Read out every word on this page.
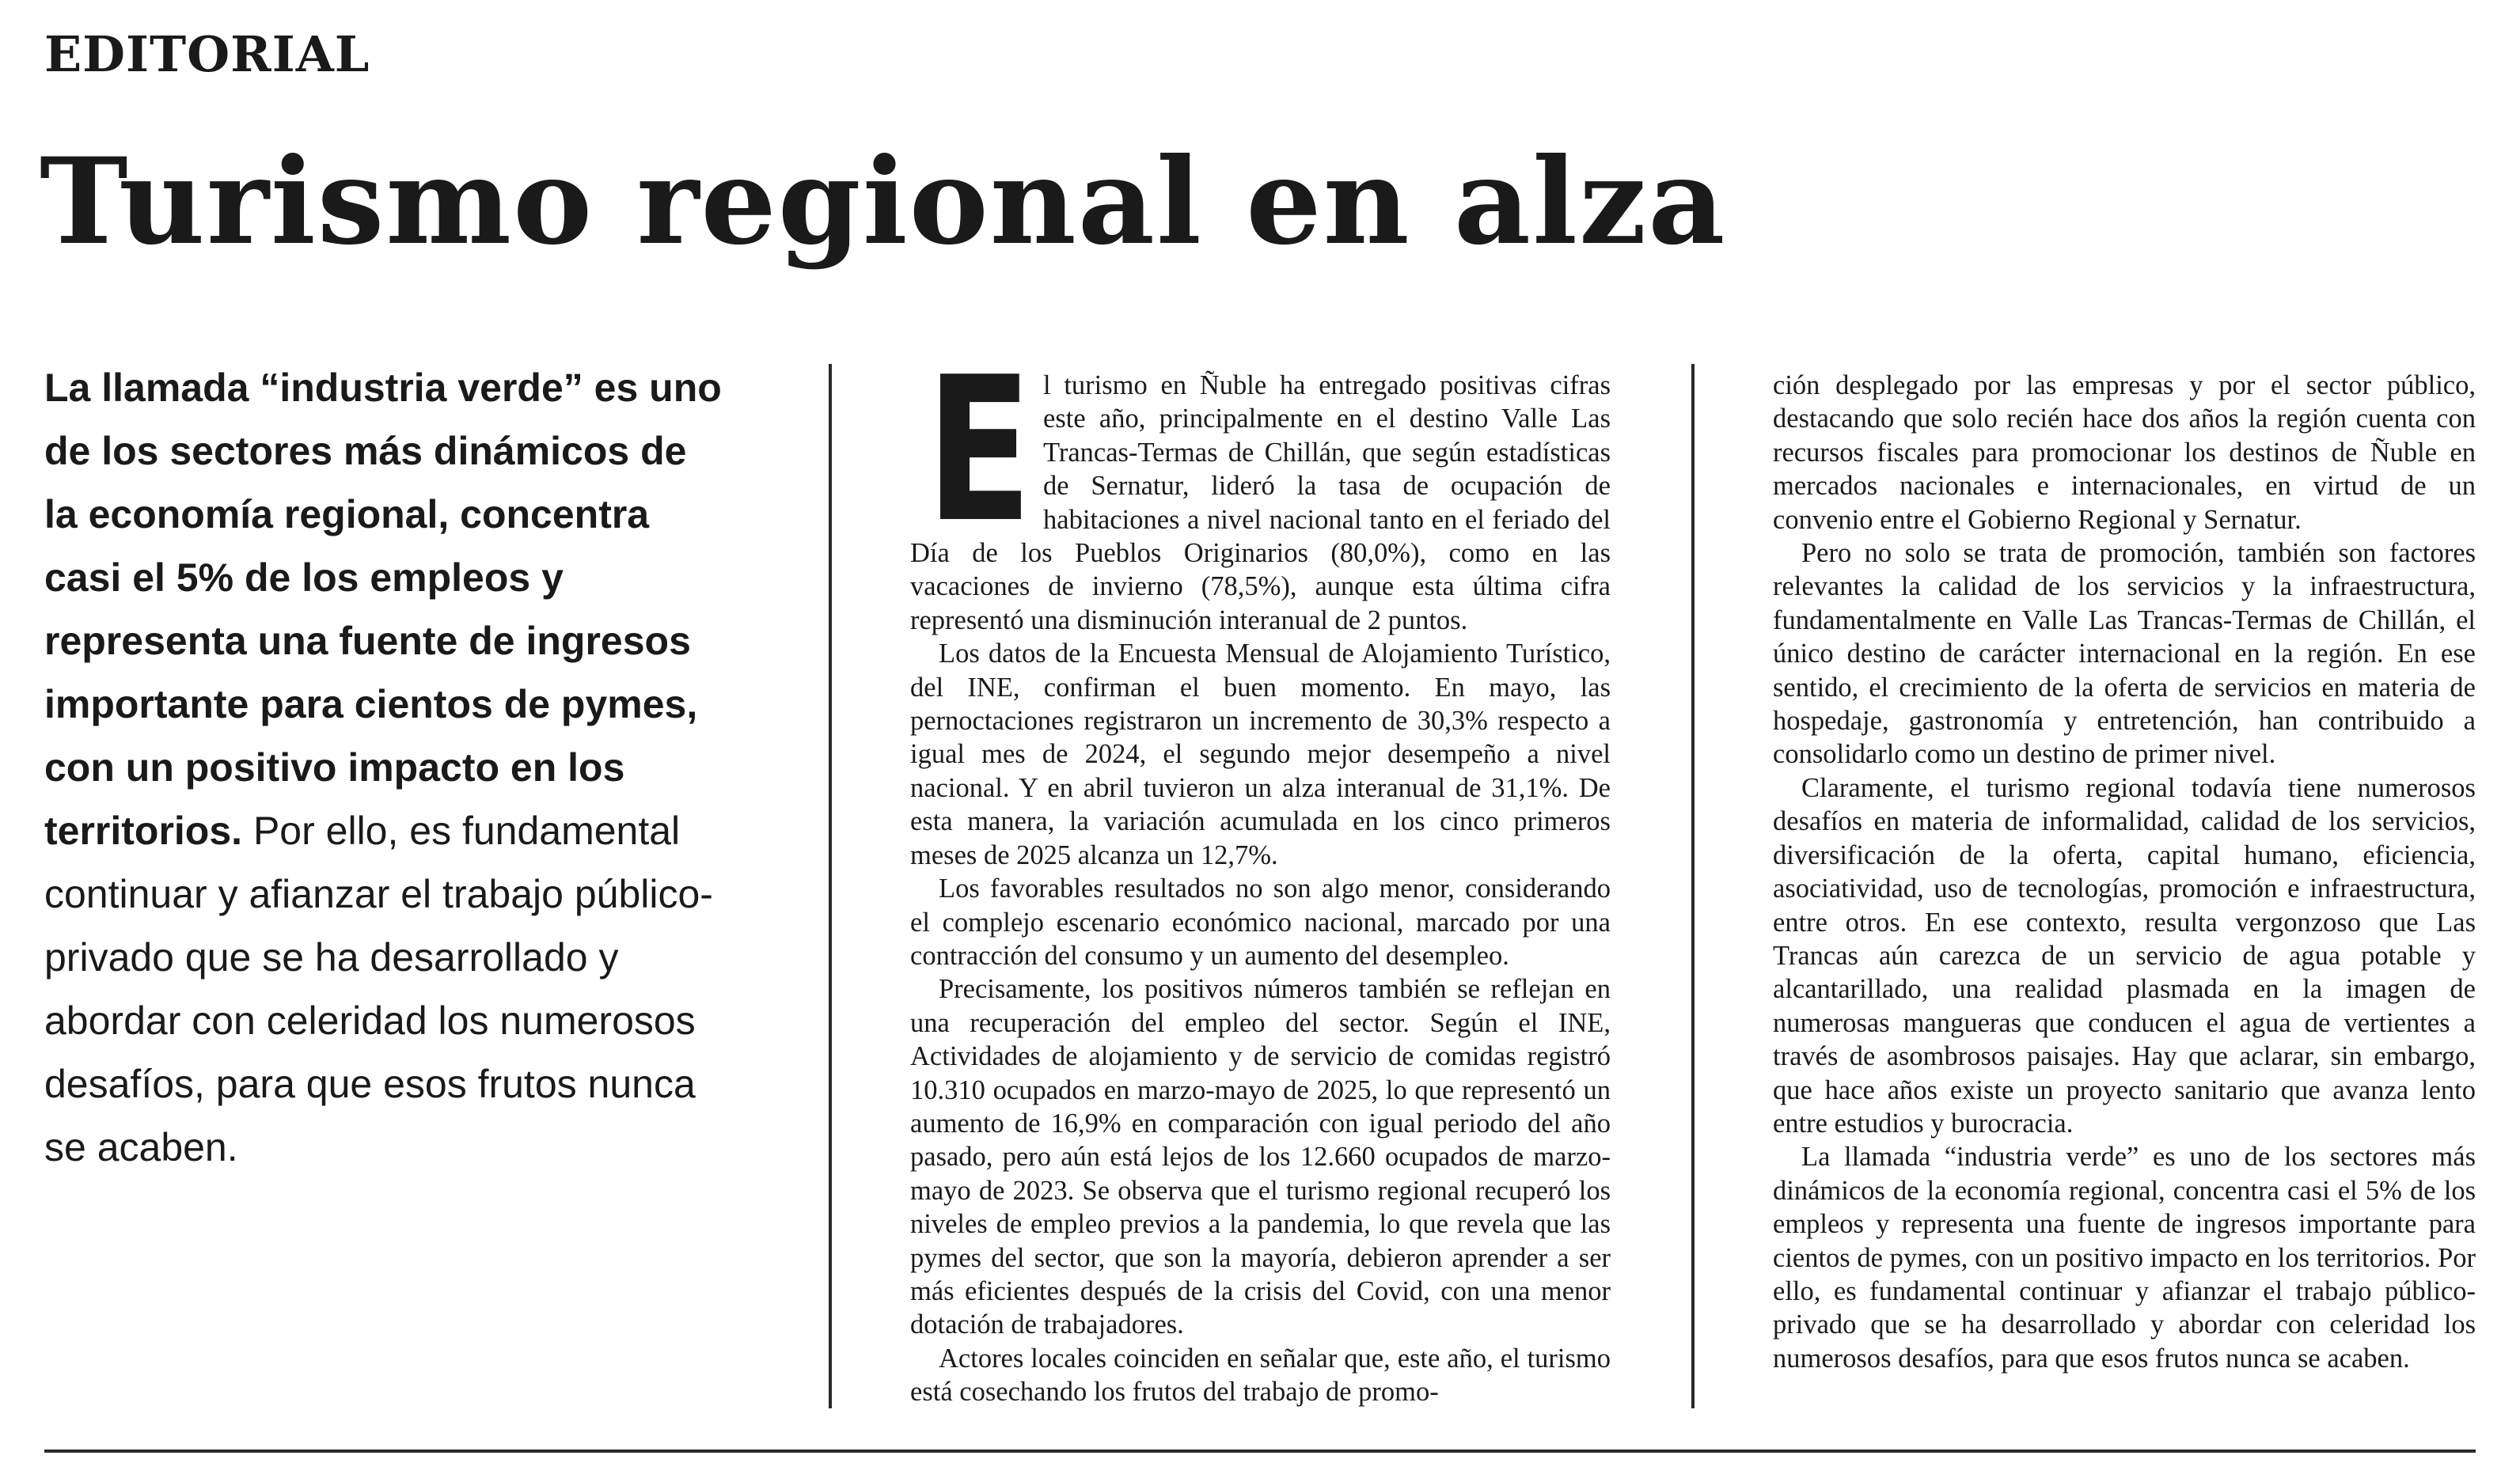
EDITORIAL
Turismo regional en alza

La llamada “industria verde” es uno de los sectores más dinámicos de la economía regional, concentra casi el 5% de los empleos y representa una fuente de ingresos importante para cientos de pymes, con un positivo impacto en los territorios. Por ello, es fundamental continuar y afianzar el trabajo público-privado que se ha desarrollado y abordar con celeridad los numerosos desafíos, para que esos frutos nunca se acaben.

E l turismo en Ñuble ha entregado positivas cifras este año, principalmente en el destino Valle Las Trancas-Termas de Chillán, que según estadísticas de Sernatur, lideró la tasa de ocupación de habitaciones a nivel nacional tanto en el feriado del Día de los Pueblos Originarios (80,0%), como en las vacaciones de invierno (78,5%), aunque esta última cifra representó una disminución interanual de 2 puntos.

Los datos de la Encuesta Mensual de Alojamiento Turístico, del INE, confirman el buen momento. En mayo, las pernoctaciones registraron un incremento de 30,3% respecto a igual mes de 2024, el segundo mejor desempeño a nivel nacional. Y en abril tuvieron un alza interanual de 31,1%. De esta manera, la variación acumulada en los cinco primeros meses de 2025 alcanza un 12,7%.

Los favorables resultados no son algo menor, considerando el complejo escenario económico nacional, marcado por una contracción del consumo y un aumento del desempleo.

Precisamente, los positivos números también se reflejan en una recuperación del empleo del sector. Según el INE, Actividades de alojamiento y de servicio de comidas registró 10.310 ocupados en marzo-mayo de 2025, lo que representó un aumento de 16,9% en comparación con igual periodo del año pasado, pero aún está lejos de los 12.660 ocupados de marzo-mayo de 2023. Se observa que el turismo regional recuperó los niveles de empleo previos a la pandemia, lo que revela que las pymes del sector, que son la mayoría, debieron aprender a ser más eficientes después de la crisis del Covid, con una menor dotación de trabajadores.

Actores locales coinciden en señalar que, este año, el turismo está cosechando los frutos del trabajo de promo-

ción desplegado por las empresas y por el sector público, destacando que solo recién hace dos años la región cuenta con recursos fiscales para promocionar los destinos de Ñuble en mercados nacionales e internacionales, en virtud de un convenio entre el Gobierno Regional y Sernatur.

Pero no solo se trata de promoción, también son factores relevantes la calidad de los servicios y la infraestructura, fundamentalmente en Valle Las Trancas-Termas de Chillán, el único destino de carácter internacional en la región. En ese sentido, el crecimiento de la oferta de servicios en materia de hospedaje, gastronomía y entretención, han contribuido a consolidarlo como un destino de primer nivel.

Claramente, el turismo regional todavía tiene numerosos desafíos en materia de informalidad, calidad de los servicios, diversificación de la oferta, capital humano, eficiencia, asociatividad, uso de tecnologías, promoción e infraestructura, entre otros. En ese contexto, resulta vergonzoso que Las Trancas aún carezca de un servicio de agua potable y alcantarillado, una realidad plasmada en la imagen de numerosas mangueras que conducen el agua de vertientes a través de asombrosos paisajes. Hay que aclarar, sin embargo, que hace años existe un proyecto sanitario que avanza lento entre estudios y burocracia.

La llamada “industria verde” es uno de los sectores más dinámicos de la economía regional, concentra casi el 5% de los empleos y representa una fuente de ingresos importante para cientos de pymes, con un positivo impacto en los territorios. Por ello, es fundamental continuar y afianzar el trabajo público-privado que se ha desarrollado y abordar con celeridad los numerosos desafíos, para que esos frutos nunca se acaben.
